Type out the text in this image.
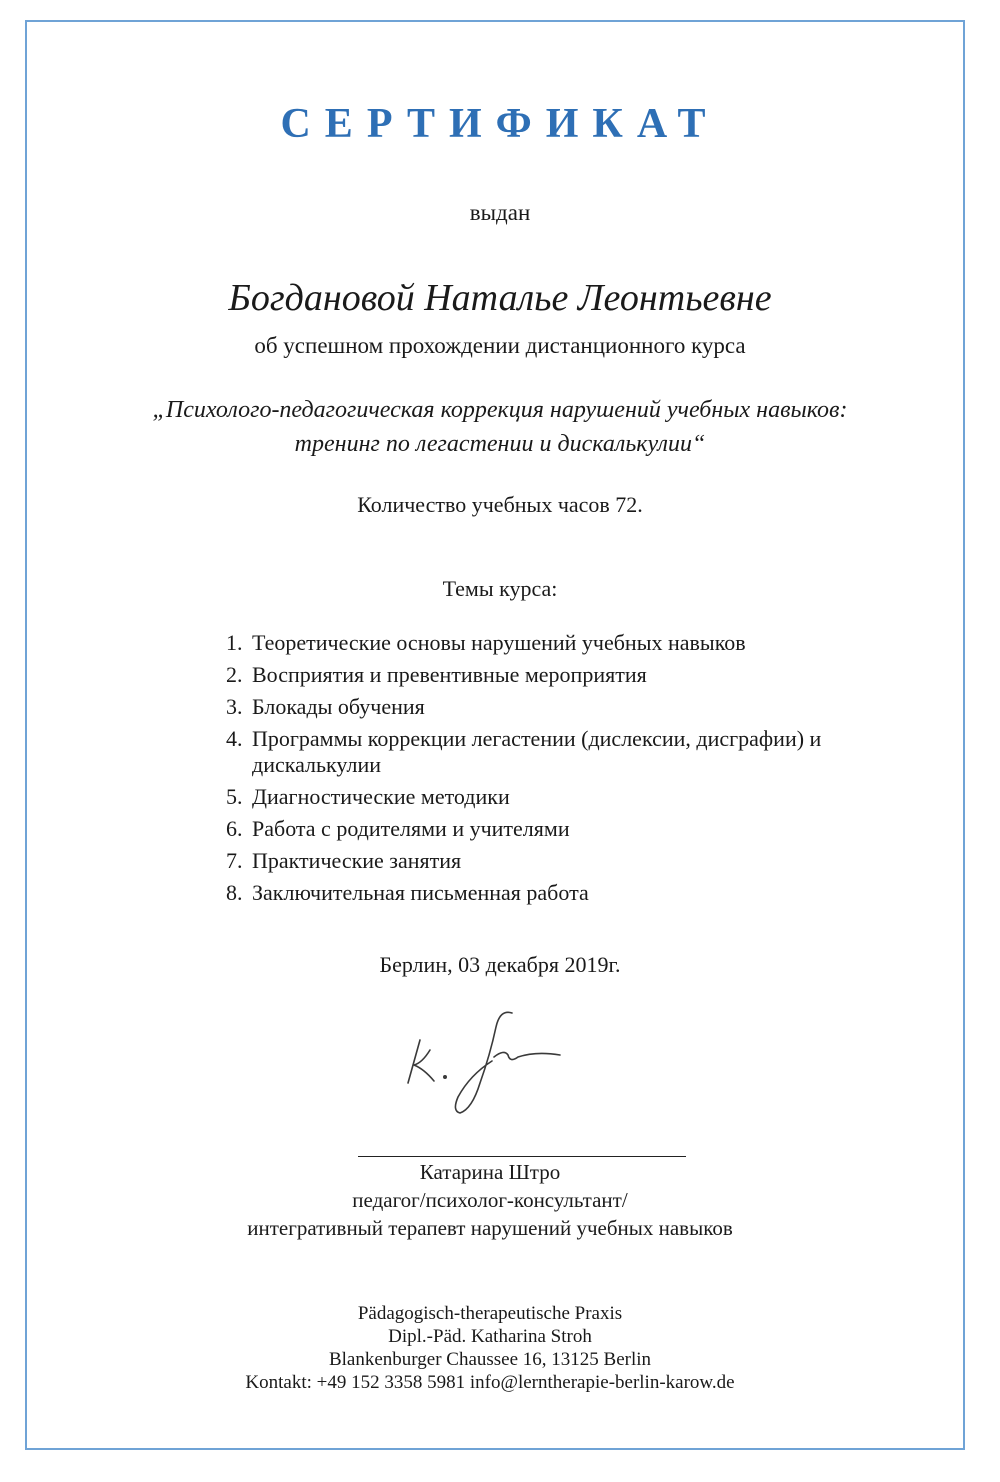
СЕРТИФИКАТ
выдан
Богдановой Наталье Леонтьевне
об успешном прохождении дистанционного курса
„Психолого-педагогическая коррекция нарушений учебных навыков:
тренинг по легастении и дискалькулии“
Количество учебных часов 72.
Темы курса:
1. Теоретические основы нарушений учебных навыков
2. Восприятия и превентивные мероприятия
3. Блокады обучения
4. Программы коррекции легастении (дислексии, дисграфии) и дискалькулии
5. Диагностические методики
6. Работа с родителями и учителями
7. Практические занятия
8. Заключительная письменная работа
Берлин, 03 декабря 2019г.
Катарина Штро
педагог/психолог-консультант/
интегративный терапевт нарушений учебных навыков
Pädagogisch-therapeutische Praxis
Dipl.-Päd. Katharina Stroh
Blankenburger Chaussee 16, 13125 Berlin
Kontakt: +49 152 3358 5981 info@lerntherapie-berlin-karow.de
